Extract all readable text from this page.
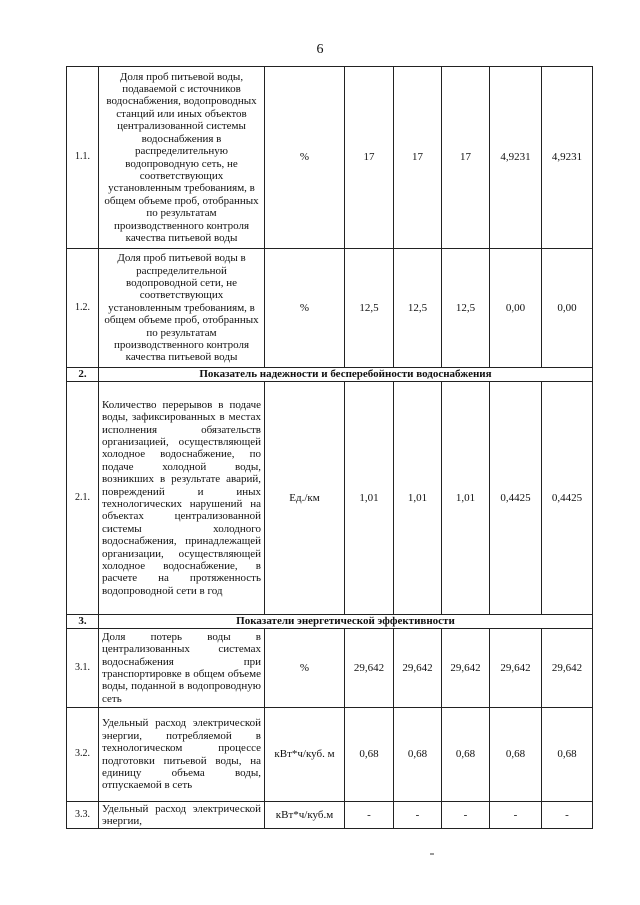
6
1.1.	Доля проб питьевой воды, подаваемой с источников водоснабжения, водопроводных станций или иных объектов централизованной системы водоснабжения в распределительную водопроводную сеть, не соответствующих установленным требованиям, в общем объеме проб, отобранных по результатам производственного контроля качества питьевой воды	%	17	17	17	4,9231	4,9231
1.2.	Доля проб питьевой воды в распределительной водопроводной сети, не соответствующих установленным требованиям, в общем объеме проб, отобранных по результатам производственного контроля качества питьевой воды	%	12,5	12,5	12,5	0,00	0,00
2.	Показатель надежности и бесперебойности водоснабжения						
2.1.	Количество перерывов в подаче воды, зафиксированных в местах исполнения обязательств организацией, осуществляющей холодное водоснабжение, по подаче холодной воды, возникших в результате аварий, повреждений и иных технологических нарушений на объектах централизованной системы холодного водоснабжения, принадлежащей организации, осуществляющей холодное водоснабжение, в расчете на протяженность водопроводной сети в год	Ед./км	1,01	1,01	1,01	0,4425	0,4425
3.	Показатели энергетической эффективности						
3.1.	Доля потерь воды в централизованных системах водоснабжения при транспортировке в общем объеме воды, поданной в водопроводную сеть	%	29,642	29,642	29,642	29,642	29,642
3.2.	Удельный расход электрической энергии, потребляемой в технологическом процессе подготовки питьевой воды, на единицу объема воды, отпускаемой в сеть	кВт*ч/куб. м	0,68	0,68	0,68	0,68	0,68
3.3.	Удельный расход электрической энергии,	кВт*ч/куб.м	-	-	-	-	-
